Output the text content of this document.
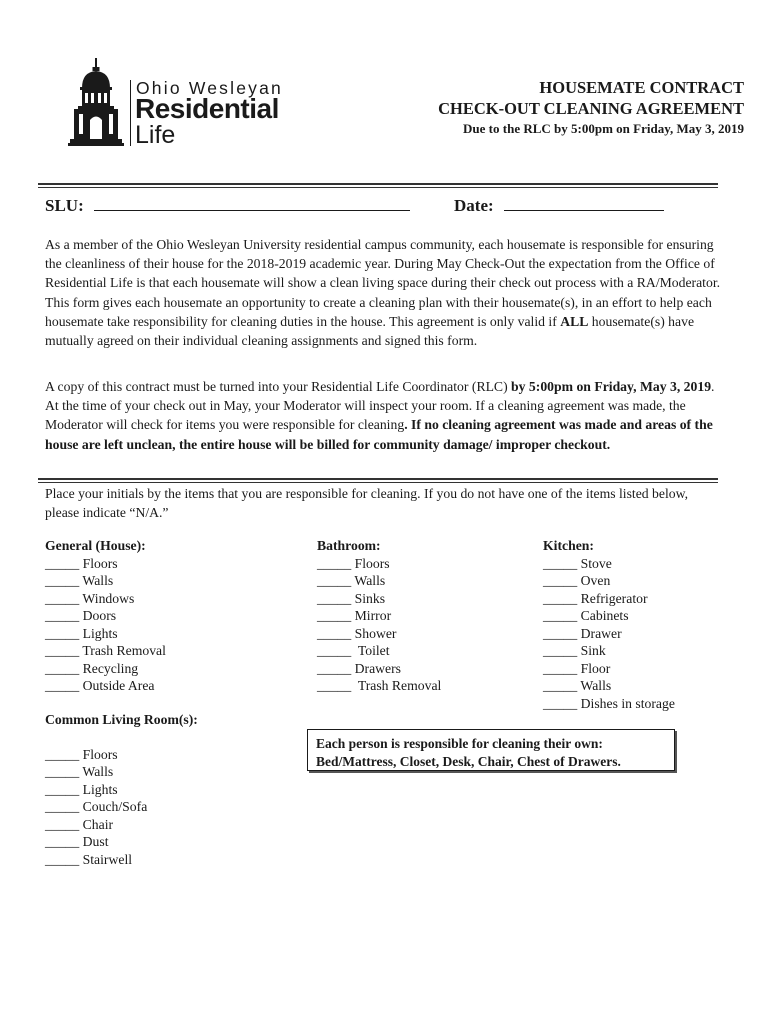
Ohio Wesleyan
Residential
Life
HOUSEMATE CONTRACT
CHECK-OUT CLEANING AGREEMENT
Due to the RLC by 5:00pm on Friday, May 3, 2019
SLU:	Date:

As a member of the Ohio Wesleyan University residential campus community, each housemate is responsible for ensuring the cleanliness of their house for the 2018-2019 academic year. During May Check-Out the expectation from the Office of Residential Life is that each housemate will show a clean living space during their check out process with a RA/Moderator. This form gives each housemate an opportunity to create a cleaning plan with their housemate(s), in an effort to help each housemate take responsibility for cleaning duties in the house. This agreement is only valid if ALL housemate(s) have mutually agreed on their individual cleaning assignments and signed this form.

A copy of this contract must be turned into your Residential Life Coordinator (RLC) by 5:00pm on Friday, May 3, 2019. At the time of your check out in May, your Moderator will inspect your room. If a cleaning agreement was made, the Moderator will check for items you were responsible for cleaning. If no cleaning agreement was made and areas of the house are left unclean, the entire house will be billed for community damage/ improper checkout.

Place your initials by the items that you are responsible for cleaning. If you do not have one of the items listed below, please indicate “N/A.”

General (House):
_____ Floors
_____ Walls
_____ Windows
_____ Doors
_____ Lights
_____ Trash Removal
_____ Recycling
_____ Outside Area
Bathroom:
_____ Floors
_____ Walls
_____ Sinks
_____ Mirror
_____ Shower
_____  Toilet
_____ Drawers
_____  Trash Removal
Kitchen:
_____ Stove
_____ Oven
_____ Refrigerator
_____ Cabinets
_____ Drawer
_____ Sink
_____ Floor
_____ Walls
_____ Dishes in storage
Common Living Room(s):
_____ Floors
_____ Walls
_____ Lights
_____ Couch/Sofa
_____ Chair
_____ Dust
_____ Stairwell
Each person is responsible for cleaning their own:
Bed/Mattress, Closet, Desk, Chair, Chest of Drawers.
